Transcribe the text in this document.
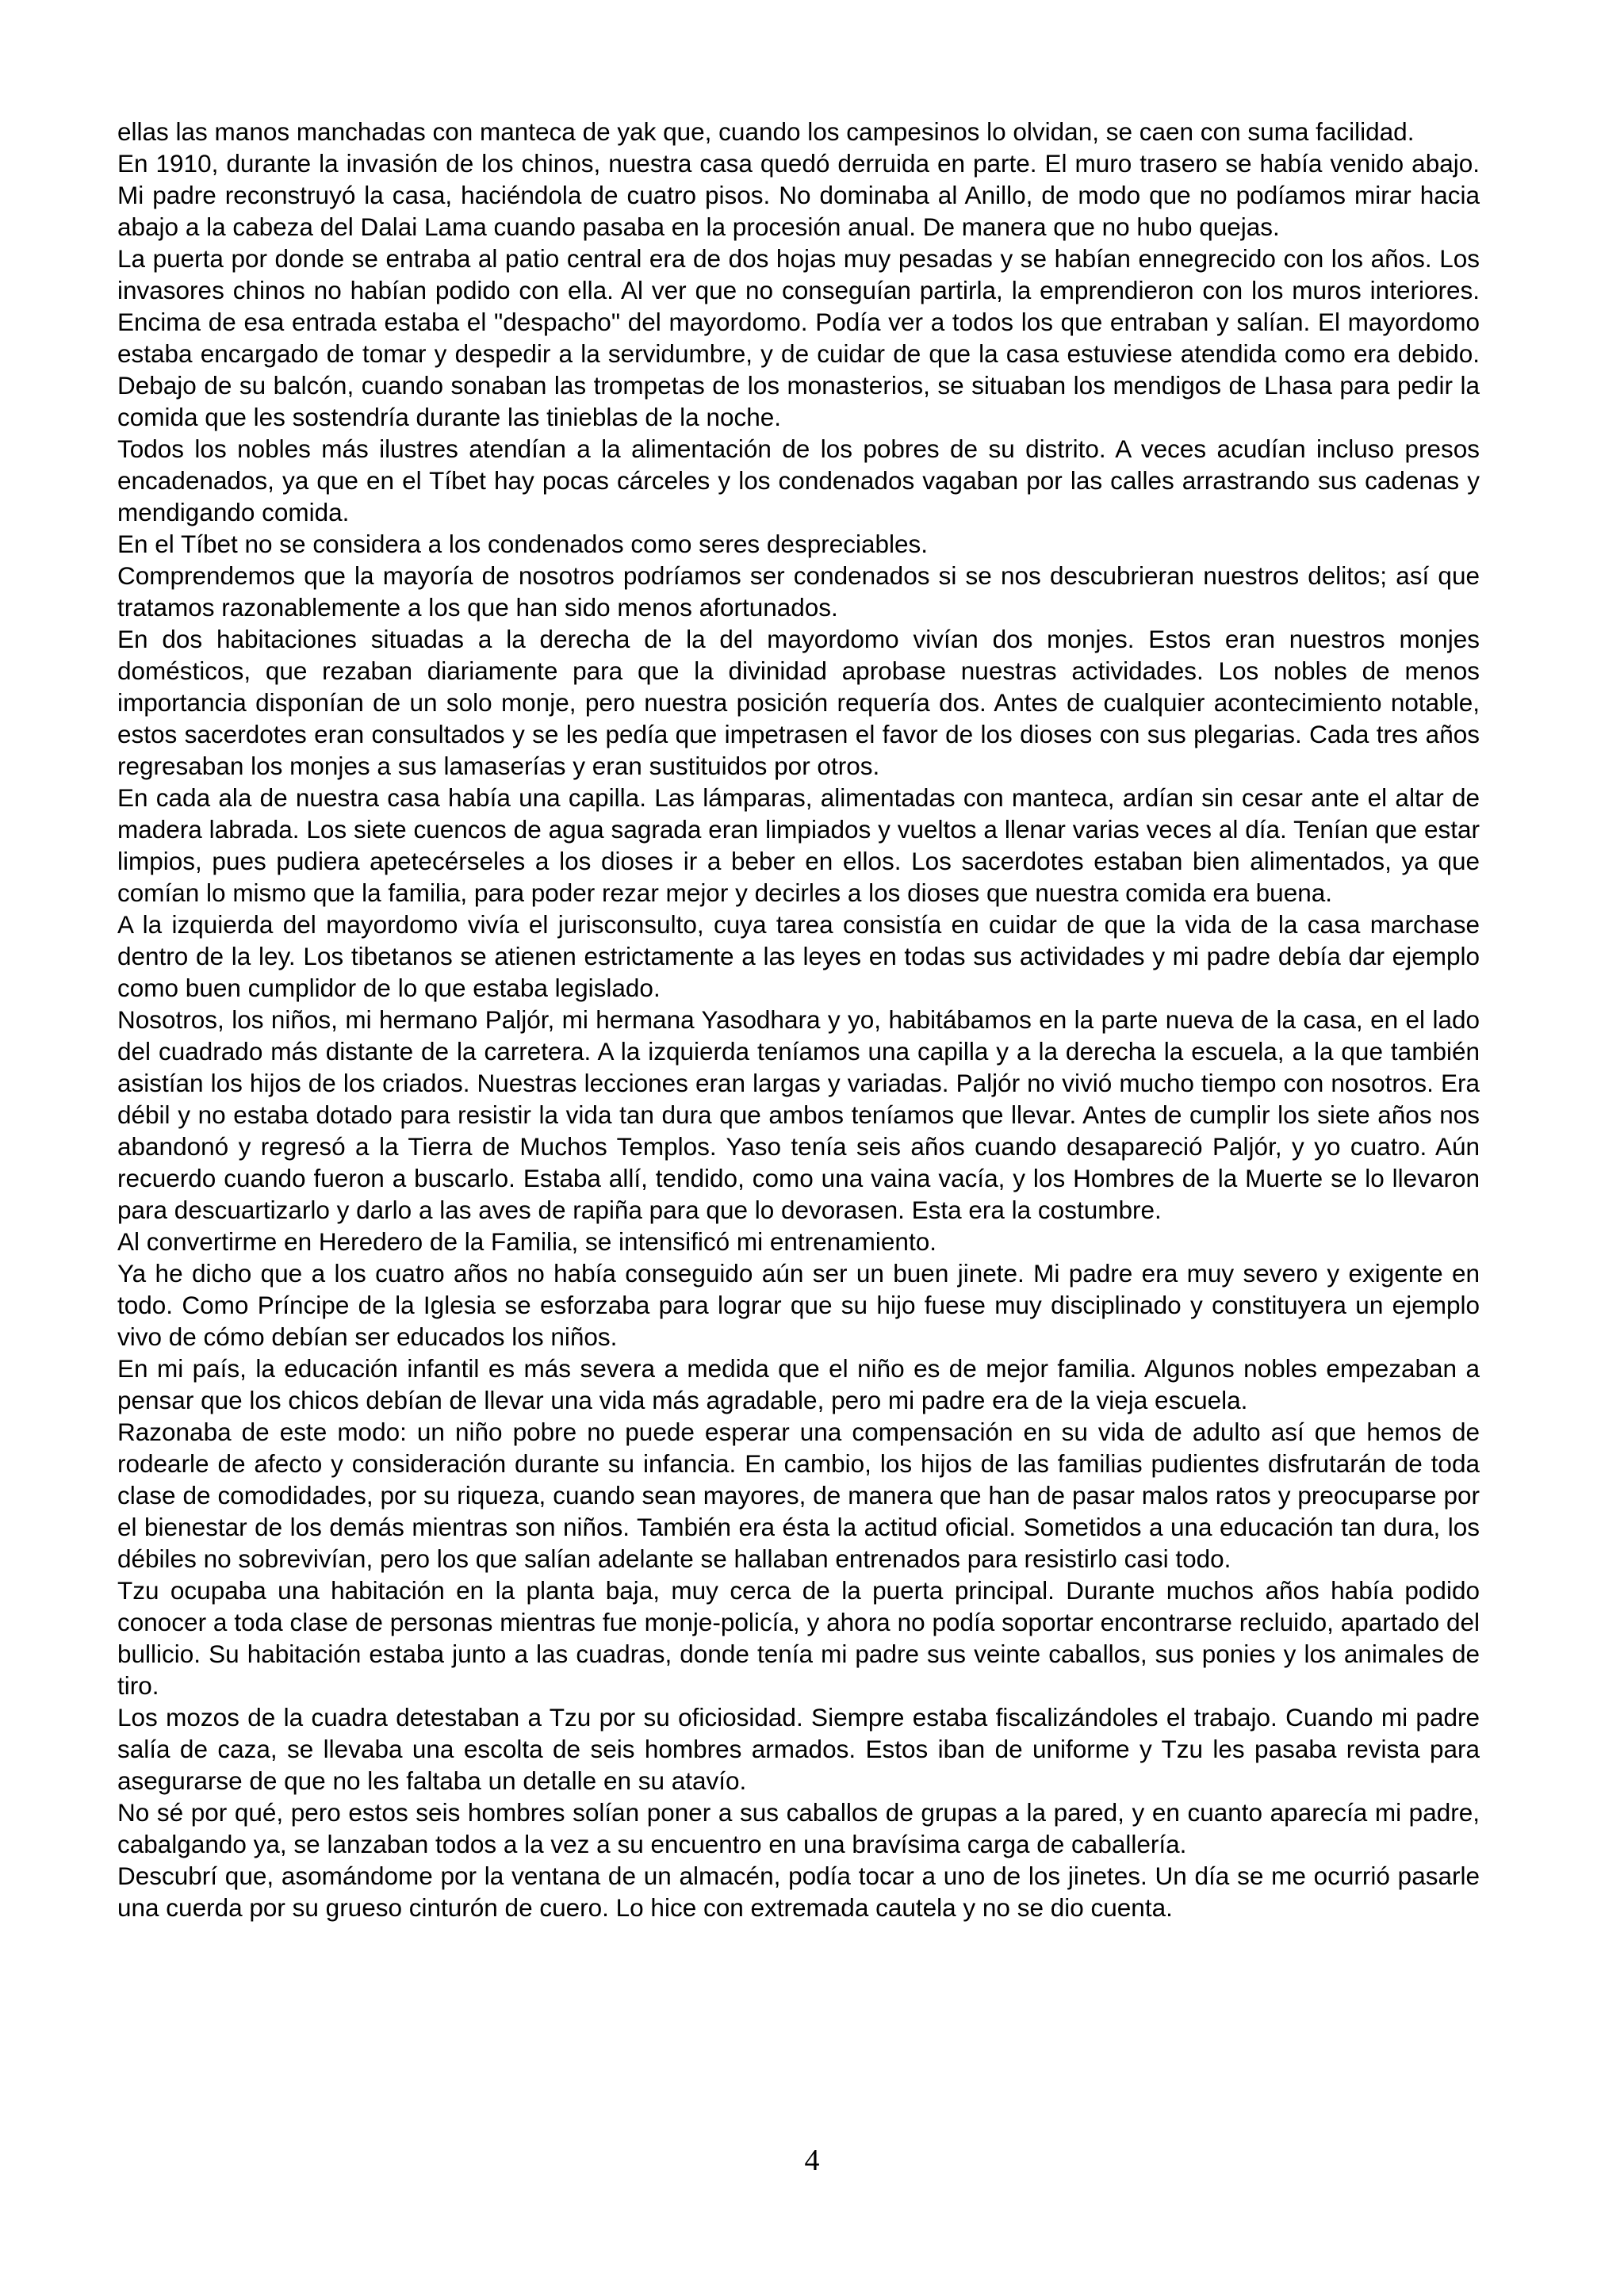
ellas las manos manchadas con manteca de yak que, cuando los campesinos lo olvidan, se caen con suma facilidad.

En 1910, durante la invasión de los chinos, nuestra casa quedó derruida en parte. El muro trasero se había venido abajo. Mi padre reconstruyó la casa, haciéndola de cuatro pisos. No dominaba al Anillo, de modo que no podíamos mirar hacia abajo a la cabeza del Dalai Lama cuando pasaba en la procesión anual. De manera que no hubo quejas.

La puerta por donde se entraba al patio central era de dos hojas muy pesadas y se habían ennegrecido con los años. Los invasores chinos no habían podido con ella. Al ver que no conseguían partirla, la emprendieron con los muros interiores. Encima de esa entrada estaba el "despacho" del mayordomo. Podía ver a todos los que entraban y salían. El mayordomo estaba encargado de tomar y despedir a la servidumbre, y de cuidar de que la casa estuviese atendida como era debido. Debajo de su balcón, cuando sonaban las trompetas de los monasterios, se situaban los mendigos de Lhasa para pedir la comida que les sostendría durante las tinieblas de la noche.

Todos los nobles más ilustres atendían a la alimentación de los pobres de su distrito. A veces acudían incluso presos encadenados, ya que en el Tíbet hay pocas cárceles y los condenados vagaban por las calles arrastrando sus cadenas y mendigando comida.

En el Tíbet no se considera a los condenados como seres despreciables.

Comprendemos que la mayoría de nosotros podríamos ser condenados si se nos descubrieran nuestros delitos; así que tratamos razonablemente a los que han sido menos afortunados.

En dos habitaciones situadas a la derecha de la del mayordomo vivían dos monjes. Estos eran nuestros monjes domésticos, que rezaban diariamente para que la divinidad aprobase nuestras actividades. Los nobles de menos importancia disponían de un solo monje, pero nuestra posición requería dos. Antes de cualquier acontecimiento notable, estos sacerdotes eran consultados y se les pedía que impetrasen el favor de los dioses con sus plegarias. Cada tres años regresaban los monjes a sus lamaserías y eran sustituidos por otros.

En cada ala de nuestra casa había una capilla. Las lámparas, alimentadas con manteca, ardían sin cesar ante el altar de madera labrada. Los siete cuencos de agua sagrada eran limpiados y vueltos a llenar varias veces al día. Tenían que estar limpios, pues pudiera apetecérseles a los dioses ir a beber en ellos. Los sacerdotes estaban bien alimentados, ya que comían lo mismo que la familia, para poder rezar mejor y decirles a los dioses que nuestra comida era buena.

A la izquierda del mayordomo vivía el jurisconsulto, cuya tarea consistía en cuidar de que la vida de la casa marchase dentro de la ley. Los tibetanos se atienen estrictamente a las leyes en todas sus actividades y mi padre debía dar ejemplo como buen cumplidor de lo que estaba legislado.

Nosotros, los niños, mi hermano Paljór, mi hermana Yasodhara y yo, habitábamos en la parte nueva de la casa, en el lado del cuadrado más distante de la carretera. A la izquierda teníamos una capilla y a la derecha la escuela, a la que también asistían los hijos de los criados. Nuestras lecciones eran largas y variadas. Paljór no vivió mucho tiempo con nosotros. Era débil y no estaba dotado para resistir la vida tan dura que ambos teníamos que llevar. Antes de cumplir los siete años nos abandonó y regresó a la Tierra de Muchos Templos. Yaso tenía seis años cuando desapareció Paljór, y yo cuatro. Aún recuerdo cuando fueron a buscarlo. Estaba allí, tendido, como una vaina vacía, y los Hombres de la Muerte se lo llevaron para descuartizarlo y darlo a las aves de rapiña para que lo devorasen. Esta era la costumbre.

Al convertirme en Heredero de la Familia, se intensificó mi entrenamiento.

Ya he dicho que a los cuatro años no había conseguido aún ser un buen jinete. Mi padre era muy severo y exigente en todo. Como Príncipe de la Iglesia se esforzaba para lograr que su hijo fuese muy disciplinado y constituyera un ejemplo vivo de cómo debían ser educados los niños.

En mi país, la educación infantil es más severa a medida que el niño es de mejor familia. Algunos nobles empezaban a pensar que los chicos debían de llevar una vida más agradable, pero mi padre era de la vieja escuela.

Razonaba de este modo: un niño pobre no puede esperar una compensación en su vida de adulto así que hemos de rodearle de afecto y consideración durante su infancia. En cambio, los hijos de las familias pudientes disfrutarán de toda clase de comodidades, por su riqueza, cuando sean mayores, de manera que han de pasar malos ratos y preocuparse por el bienestar de los demás mientras son niños. También era ésta la actitud oficial. Sometidos a una educación tan dura, los débiles no sobrevivían, pero los que salían adelante se hallaban entrenados para resistirlo casi todo.

Tzu ocupaba una habitación en la planta baja, muy cerca de la puerta principal. Durante muchos años había podido conocer a toda clase de personas mientras fue monje-policía, y ahora no podía soportar encontrarse recluido, apartado del bullicio. Su habitación estaba junto a las cuadras, donde tenía mi padre sus veinte caballos, sus ponies y los animales de tiro.

Los mozos de la cuadra detestaban a Tzu por su oficiosidad. Siempre estaba fiscalizándoles el trabajo. Cuando mi padre salía de caza, se llevaba una escolta de seis hombres armados. Estos iban de uniforme y Tzu les pasaba revista para asegurarse de que no les faltaba un detalle en su atavío.

No sé por qué, pero estos seis hombres solían poner a sus caballos de grupas a la pared, y en cuanto aparecía mi padre, cabalgando ya, se lanzaban todos a la vez a su encuentro en una bravísima carga de caballería.

Descubrí que, asomándome por la ventana de un almacén, podía tocar a uno de los jinetes. Un día se me ocurrió pasarle una cuerda por su grueso cinturón de cuero. Lo hice con extremada cautela y no se dio cuenta.

4
